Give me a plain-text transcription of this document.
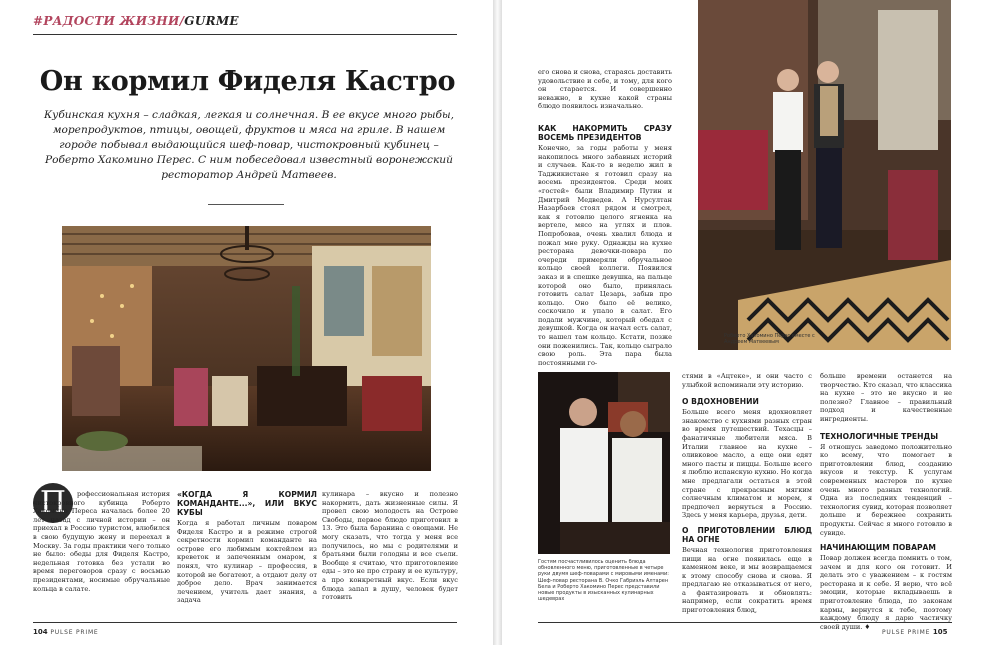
#РАДОСТИ ЖИЗНИ/GURME
Он кормил Фиделя Кастро
Кубинская кухня – сладкая, легкая и солнечная. В ее вкусе много рыбы, морепродуктов, птицы, овощей, фруктов и мяса на гриле. В нашем городе побывал выдающийся шеф-повар, чистокровный кубинец – Роберто Хакомино Перес. С ним побеседовал известный воронежский ресторатор Андрей Матвеев.
П	рофессиональная история чистокровного кубинца Роберто Хакомино Переса началась более 20 лет назад с личной истории – он приехал в Россию туристом, влюбился в свою будущую жену и переехал в Москву. За годы практики чего только не было: обеды для Фиделя Кастро, недельная готовка без устали во время переговоров сразу с восьмью президентами, носимые обручальные кольца в салате.
«КОГДА Я КОРМИЛ КОМАНДАНТЕ...», ИЛИ ВКУС КУБЫ
Когда я работал личным поваром Фиделя Кастро и в режиме строгой секретности кормил команданте на острове его любимым коктейлем из креветок и запеченным омаром, я понял, что кулинар – профессия, в которой не богатеют, а отдают делу от доброе дело. Врач занимается лечением, учитель дает знания, а задача
кулинара – вкусно и полезно накормить, дать жизненные силы. Я провел свою молодость на Острове Свободы, первое блюдо приготовил в 13. Это была баранина с овощами. Не могу сказать, что тогда у меня все получилось, но мы с родителями и братьями были голодны и все съели. Вообще я считаю, что приготовление еды – это не про страну и ее культуру, а про конкретный вкус. Если вкус блюда запал в душу, человек будет готовить
104 PULSE PRIME
его снова и снова, стараясь доставить удовольствие и себе, и тому, для кого он старается. И совершенно неважно, в кухне какой страны блюдо появилось изначально.
КАК НАКОРМИТЬ СРАЗУ ВОСЕМЬ ПРЕЗИДЕНТОВ
Конечно, за годы работы у меня накопилось много забавных историй и случаев. Как-то в неделю жил в Таджикистане я готовил сразу на восемь президентов. Среди моих «гостей» были Владимир Путин и Дмитрий Медведев. А Нурсултан Назарбаев стоял рядом и смотрел, как я готовлю целого ягненка на вертеле, мясо на углях и плов. Попробовав, очень хвалил блюда и пожал мне руку. Однажды на кухне ресторана девочки-повара по очереди примеряли обручальное кольцо своей коллеги. Появился заказ и в спешке девушка, на пальце которой оно было, принялась готовить салат Цезарь, забыв про кольцо. Оно было её велико, соскочило и упало в салат. Его подали мужчине, который обедал с девушкой. Когда он начал есть салат, то нашел там кольцо. Кстати, позже они поженились. Так, кольцо сыграло свою роль. Эта пара была постоянными го-
Роберто Хакомино Перес вместе с Андреем Матвеевым
Гостям посчастливилось оценить блюда обновленного меню, приготовленные в четыре руки двумя шеф-поварами с мировыми именами: Шеф-повар ресторана В. Очко Габриэль Алтарен Бела и Роберто Хакомино Перес представили новые продукты в изысканных кулинарных шедеврах
стями в «Ацтеке», и они часто с улыбкой вспоминали эту историю.
О ВДОХНОВЕНИИ
Больше всего меня вдохновляет знакомство с кухнями разных стран во время путешествий. Техасцы – фанатичные любители мяса. В Италии главное на кухне – оливковое масло, а еще они едят много пасты и пиццы. Больше всего я люблю испанскую кухню. Но когда мне предлагали остаться в этой стране с прекрасным мягким солнечным климатом и морем, я предпочел вернуться в Россию. Здесь у меня карьера, друзья, дети.
О ПРИГОТОВЛЕНИИ БЛЮД НА ОГНЕ
Вечная технология приготовления пищи на огне появилась еще в каменном веке, и мы возвращаемся к этому способу снова и снова. Я предлагаю не отказываться от него, а фантазировать и обновлять: например, если сократить время приготовления блюд,
больше времени останется на творчество. Кто сказал, что классика на кухне – это не вкусно и не полезно? Главное – правильный подход и качественные ингредиенты.
ТЕХНОЛОГИЧНЫЕ ТРЕНДЫ
Я отношусь заведомо положительно ко всему, что помогает в приготовлении блюд, созданию вкусов и текстур. К услугам современных мастеров по кухне очень много разных технологий. Одна из последних тенденций – технология сувид, которая позволяет дольше и бережнее сохранить продукты. Сейчас я много готовлю в сувиде.
НАЧИНАЮЩИМ ПОВАРАМ
Повар должен всегда помнить о том, зачем и для кого он готовит. И делать это с уважением – к гостям ресторана и к себе. Я верю, что всё эмоции, которые вкладываешь в приготовление блюда, по законам кармы, вернутся к тебе, поэтому каждому блюду я дарю частичку своей души. ♦
PULSE PRIME 105
